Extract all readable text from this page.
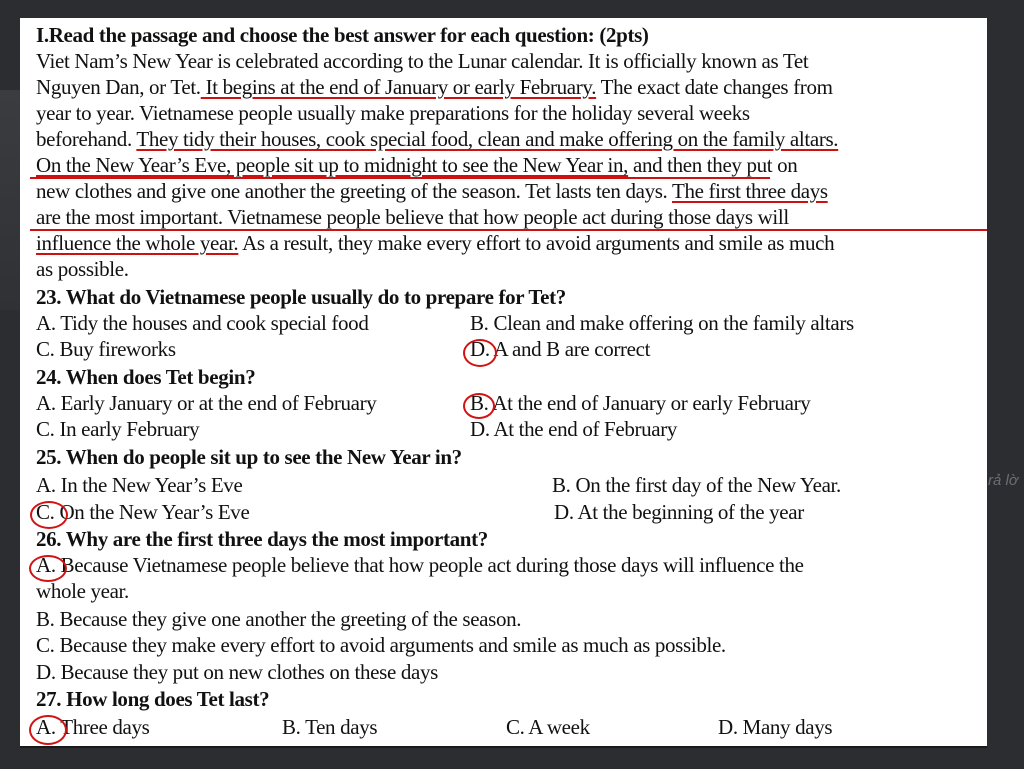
rả lờ
I.Read the passage and choose the best answer for each question: (2pts)
Viet Nam’s New Year is celebrated according to the Lunar calendar. It is officially known as Tet
Nguyen Dan, or Tet. It begins at the end of January or early February. The exact date changes from
year to year. Vietnamese people usually make preparations for the holiday several weeks
beforehand. They tidy their houses, cook special food, clean and make offering on the family altars.
On the New Year’s Eve, people sit up to midnight to see the New Year in, and then they put on
new clothes and give one another the greeting of the season. Tet lasts ten days. The first three days
are the most important. Vietnamese people believe that how people act during those days will
influence the whole year. As a result, they make every effort to avoid arguments and smile as much
as possible.
23. What do Vietnamese people usually do to prepare for Tet?
A. Tidy the houses and cook special food	B. Clean and make offering on the family altars
C. Buy fireworks	D. A and B are correct
24. When does Tet begin?
A. Early January or at the end of February	B. At the end of January or early February
C. In early February	D. At the end of February
25. When do people sit up to see the New Year in?
A. In the New Year’s Eve	B. On the first day of the New Year.
C. On the New Year’s Eve	D. At the beginning of the year
26. Why are the first three days the most important?
A. Because Vietnamese people believe that how people act during those days will influence the
whole year.
B. Because they give one another the greeting of the season.
C. Because they make every effort to avoid arguments and smile as much as possible.
D. Because they put on new clothes on these days
27. How long does Tet last?
A. Three days	B. Ten days	C. A week	D. Many days
